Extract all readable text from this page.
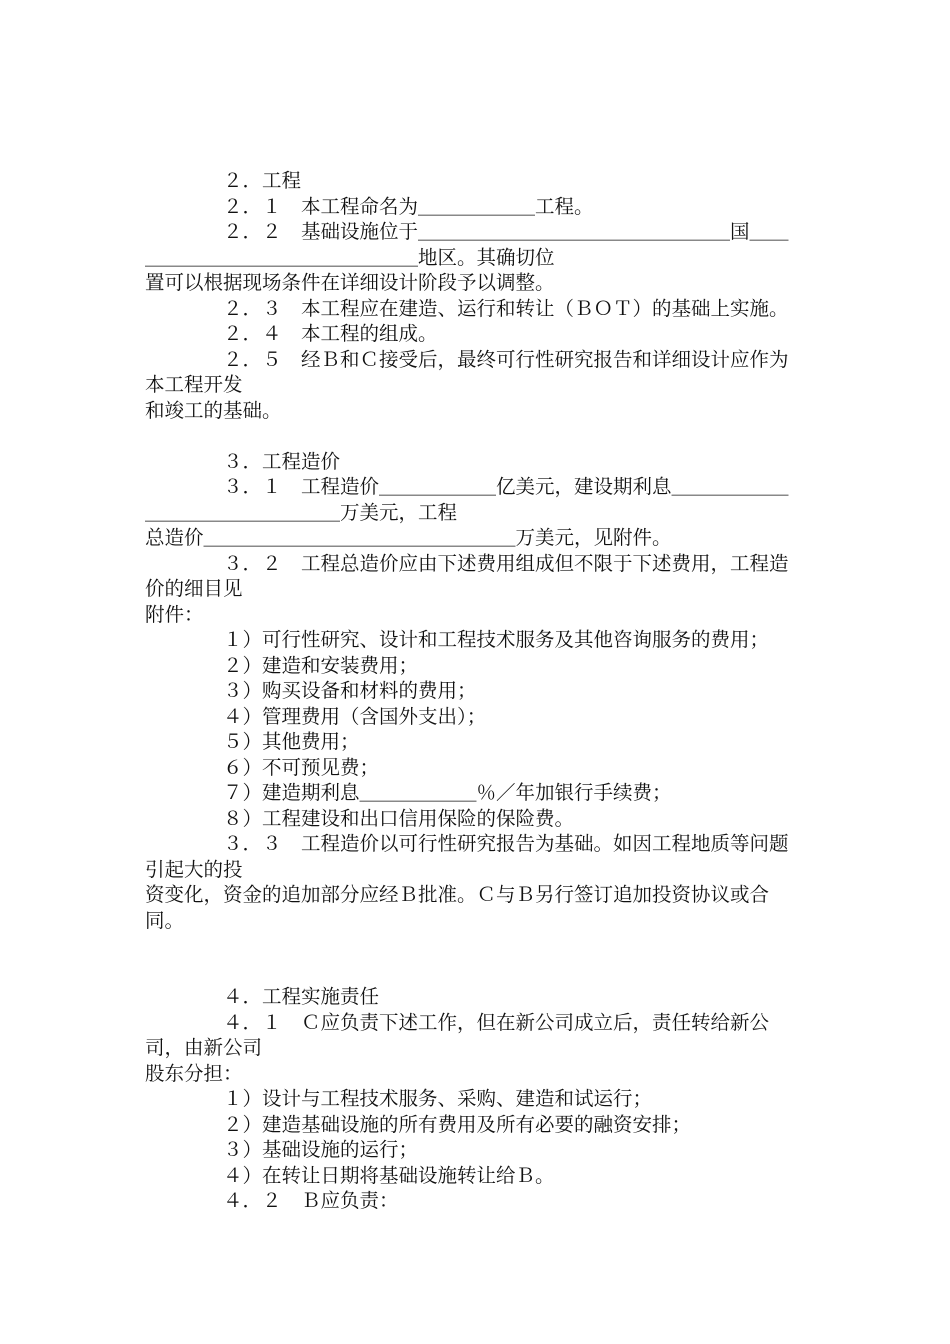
　　　　２．工程
　　　　２．１　本工程命名为＿＿＿＿＿＿工程。
　　　　２．２　基础设施位于＿＿＿＿＿＿＿＿＿＿＿＿＿＿＿＿国＿＿＿＿＿＿＿＿＿＿＿＿＿＿＿＿地区。其确切位
置可以根据现场条件在详细设计阶段予以调整。
　　　　２．３　本工程应在建造、运行和转让（ＢＯＴ）的基础上实施。
　　　　２．４　本工程的组成。
　　　　２．５　经Ｂ和Ｃ接受后，最终可行性研究报告和详细设计应作为本工程开发
和竣工的基础。
　　　　３．工程造价
　　　　３．１　工程造价＿＿＿＿＿＿亿美元，建设期利息＿＿＿＿＿＿＿＿＿＿＿＿＿＿＿＿万美元，工程
总造价＿＿＿＿＿＿＿＿＿＿＿＿＿＿＿＿万美元，见附件。
　　　　３．２　工程总造价应由下述费用组成但不限于下述费用，工程造价的细目见
附件：
　　　　１）可行性研究、设计和工程技术服务及其他咨询服务的费用；
　　　　２）建造和安装费用；
　　　　３）购买设备和材料的费用；
　　　　４）管理费用（含国外支出）；
　　　　５）其他费用；
　　　　６）不可预见费；
　　　　７）建造期利息＿＿＿＿＿＿％／年加银行手续费；
　　　　８）工程建设和出口信用保险的保险费。
　　　　３．３　工程造价以可行性研究报告为基础。如因工程地质等问题引起大的投
资变化，资金的追加部分应经Ｂ批准。Ｃ与Ｂ另行签订追加投资协议或合同。
　　　　４．工程实施责任
　　　　４．１　Ｃ应负责下述工作，但在新公司成立后，责任转给新公司，由新公司
股东分担：
　　　　１）设计与工程技术服务、采购、建造和试运行；
　　　　２）建造基础设施的所有费用及所有必要的融资安排；
　　　　３）基础设施的运行；
　　　　４）在转让日期将基础设施转让给Ｂ。
　　　　４．２　Ｂ应负责：
